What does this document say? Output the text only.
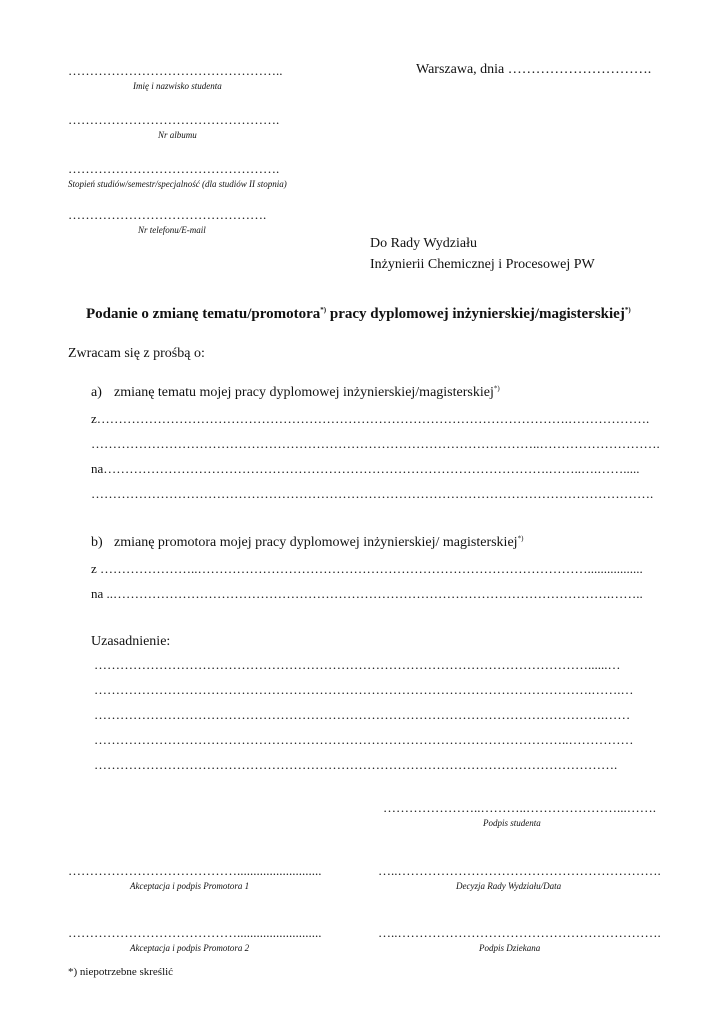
…………………………………………..
Imię i nazwisko studenta
………………………………………….
Nr albumu
………………………………………….
Stopień studiów/semestr/specjalność (dla studiów II stopnia)
……………………………………….
Nr telefonu/E-mail
Warszawa, dnia ………………………….
Do Rady Wydziału
Inżynierii Chemicznej i Procesowej PW
Podanie o zmianę tematu/promotora*) pracy dyplomowej inżynierskiej/magisterskiej*)
Zwracam się z prośbą o:
a) zmianę tematu mojej pracy dyplomowej inżynierskiej/magisterskiej*)
z……………………………………………………………………………………………….……………….
…………………………………………………………………………………………..……………………….
na………………………………………………………………………………………….……..….…….....
………………………………………………………………………………………………………………….
b) zmianę promotora mojej pracy dyplomowej inżynierskiej/ magisterskiej*)
z …………………..……………………………………………………………………………….................
na ..…………………………………………………………………………………………………….……..
Uzasadnienie:
……………………………………………………………………………………………………......…
…………………………………………………………………………………………………….…….…
……………………………………………………………………………………………………….……
………………………………………………………………………………………………..……………
………………………………………………………………………………………………………….
…………………..………..…………………...…….
Podpis studenta
…………………………………..........................
Akceptacja i podpis Promotora 1
…..…………………………………………………….
Decyzja Rady Wydziału/Data
…………………………………..........................
Akceptacja i podpis Promotora 2
…..…………………………………………………….
Podpis Dziekana
*) niepotrzebne skreślić
